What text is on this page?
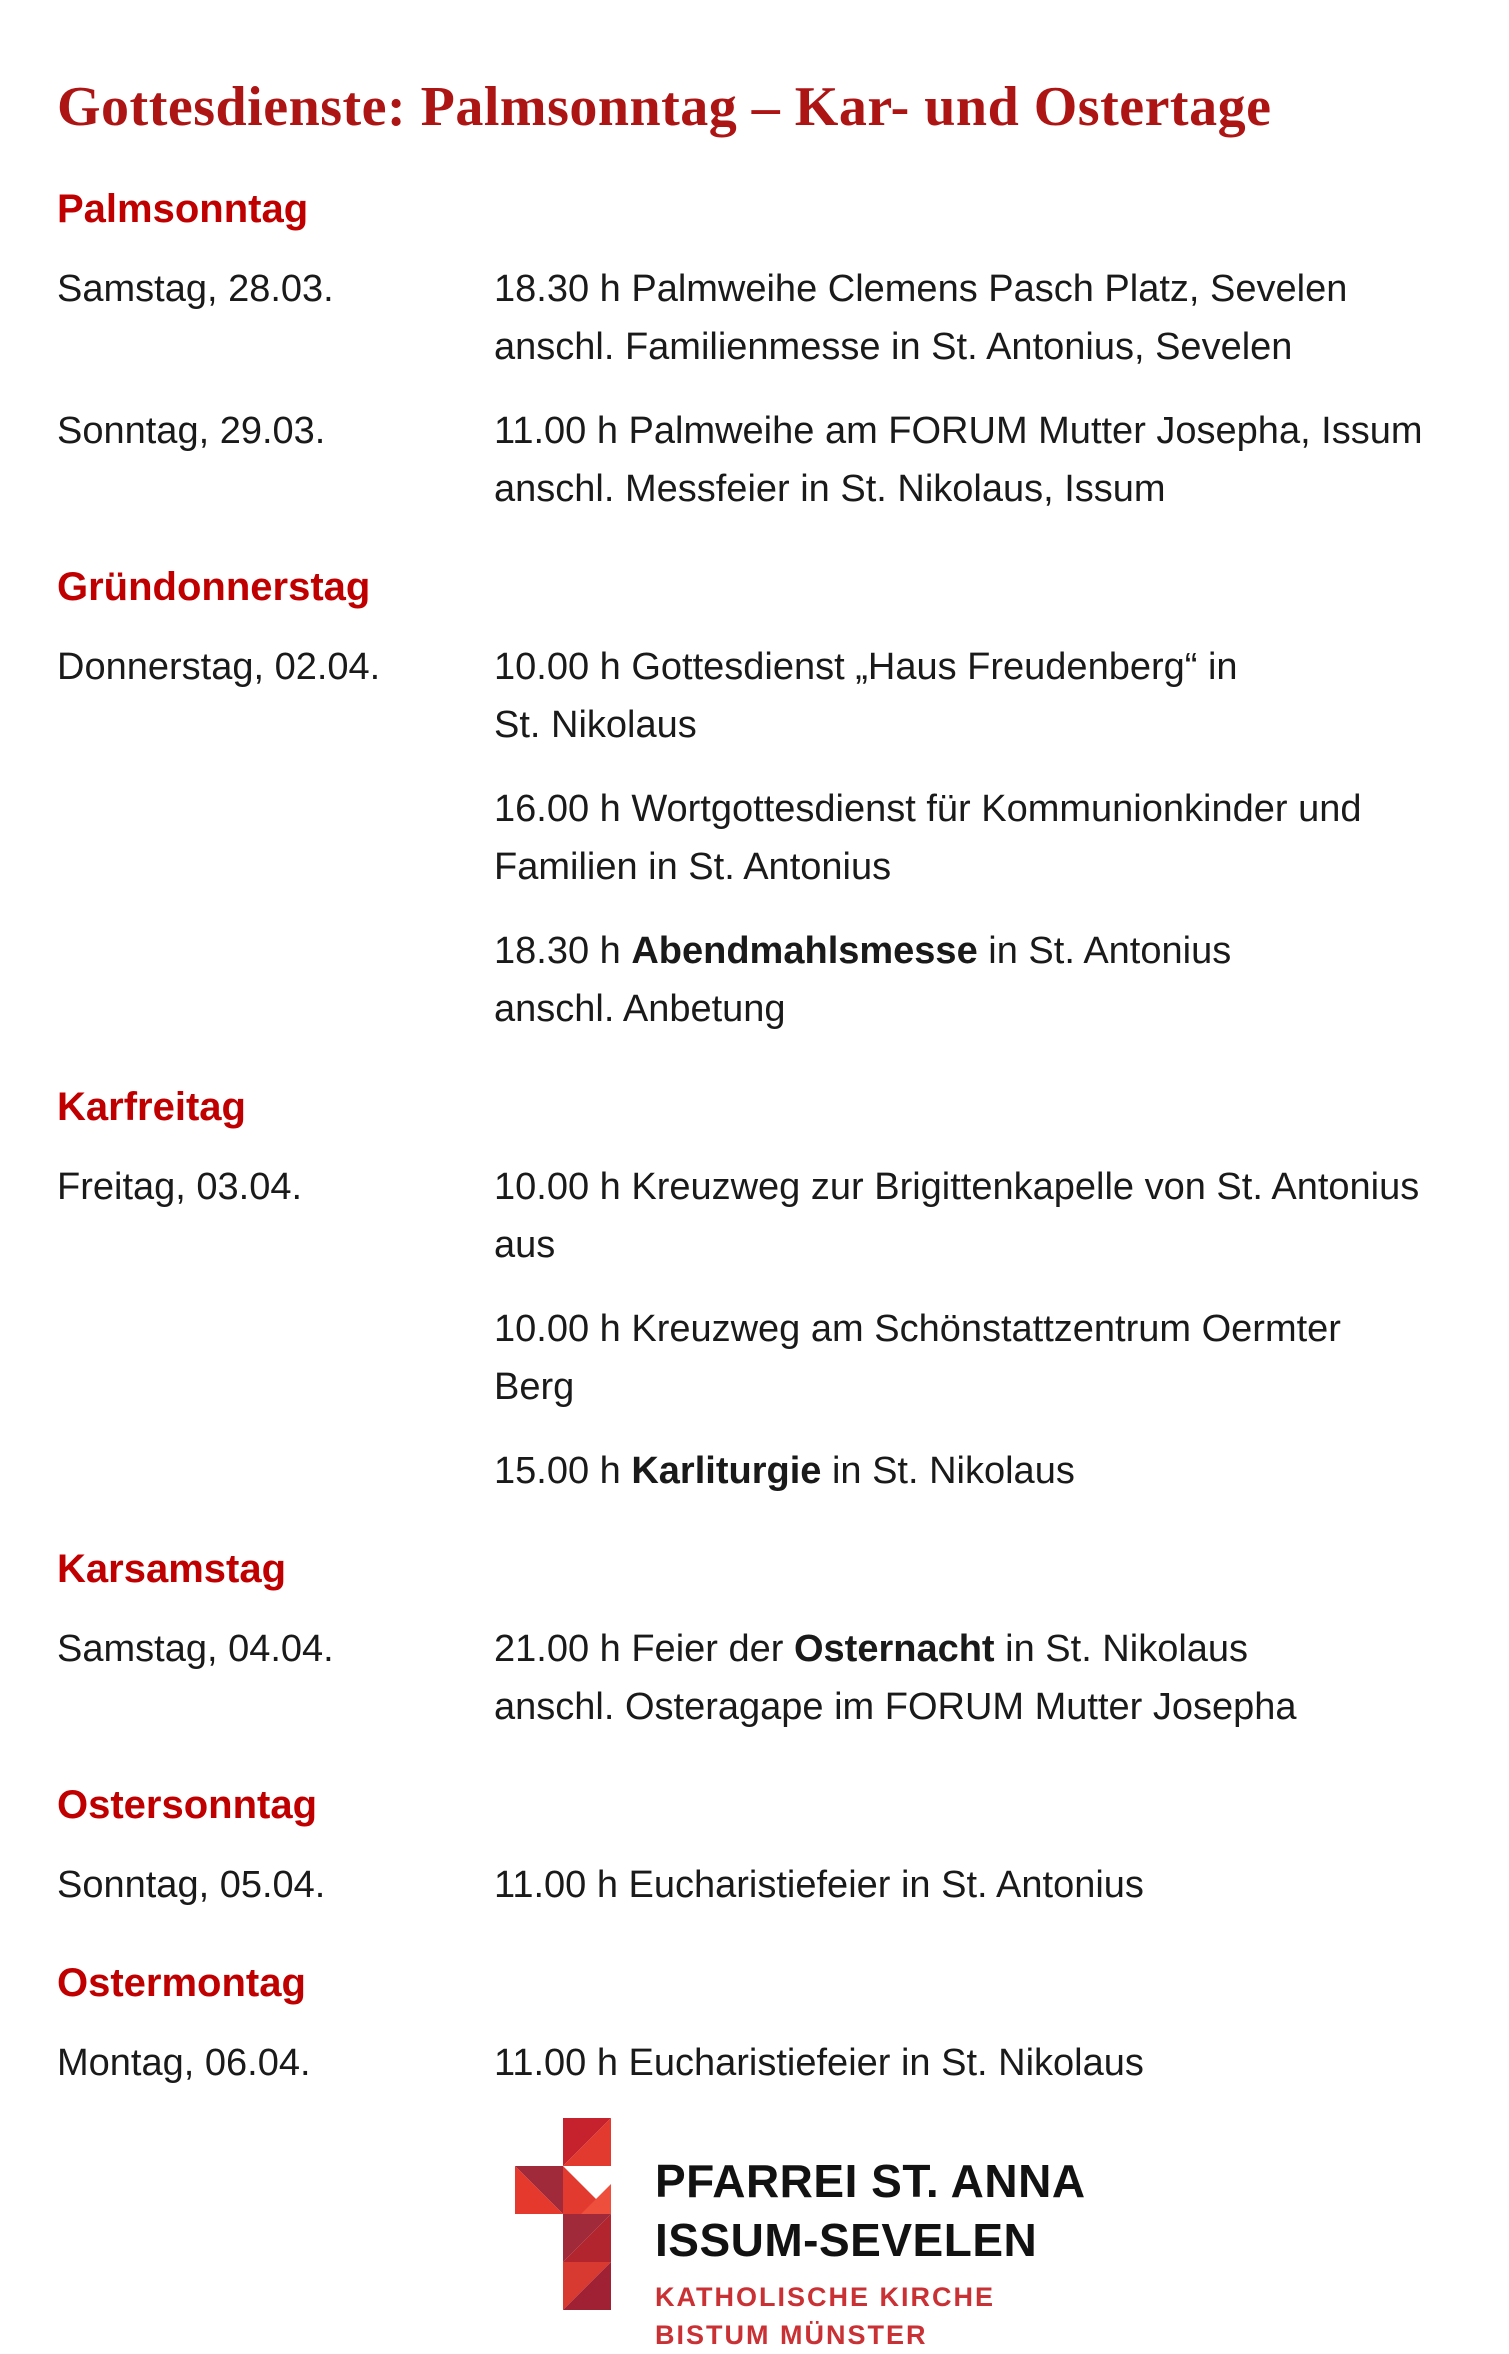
Gottesdienste: Palmsonntag – Kar- und Ostertage
Palmsonntag
Samstag, 28.03.	18.30 h Palmweihe Clemens Pasch Platz, Sevelen
anschl. Familienmesse in St. Antonius, Sevelen
Sonntag, 29.03.	11.00 h Palmweihe am FORUM Mutter Josepha, Issum
anschl. Messfeier in St. Nikolaus, Issum
Gründonnerstag
Donnerstag, 02.04.	10.00 h Gottesdienst „Haus Freudenberg“ in
St. Nikolaus
16.00 h Wortgottesdienst für Kommunionkinder und
Familien in St. Antonius
18.30 h Abendmahlsmesse in St. Antonius
anschl. Anbetung
Karfreitag
Freitag, 03.04.	10.00 h Kreuzweg zur Brigittenkapelle von St. Antonius
aus
10.00 h Kreuzweg am Schönstattzentrum Oermter
Berg
15.00 h Karliturgie in St. Nikolaus
Karsamstag
Samstag, 04.04.	21.00 h Feier der Osternacht in St. Nikolaus
anschl. Osteragape im FORUM Mutter Josepha
Ostersonntag
Sonntag, 05.04.	11.00 h Eucharistiefeier in St. Antonius
Ostermontag
Montag, 06.04.	11.00 h Eucharistiefeier in St. Nikolaus
PFARREI ST. ANNA
ISSUM-SEVELEN
KATHOLISCHE KIRCHE
BISTUM MÜNSTER
